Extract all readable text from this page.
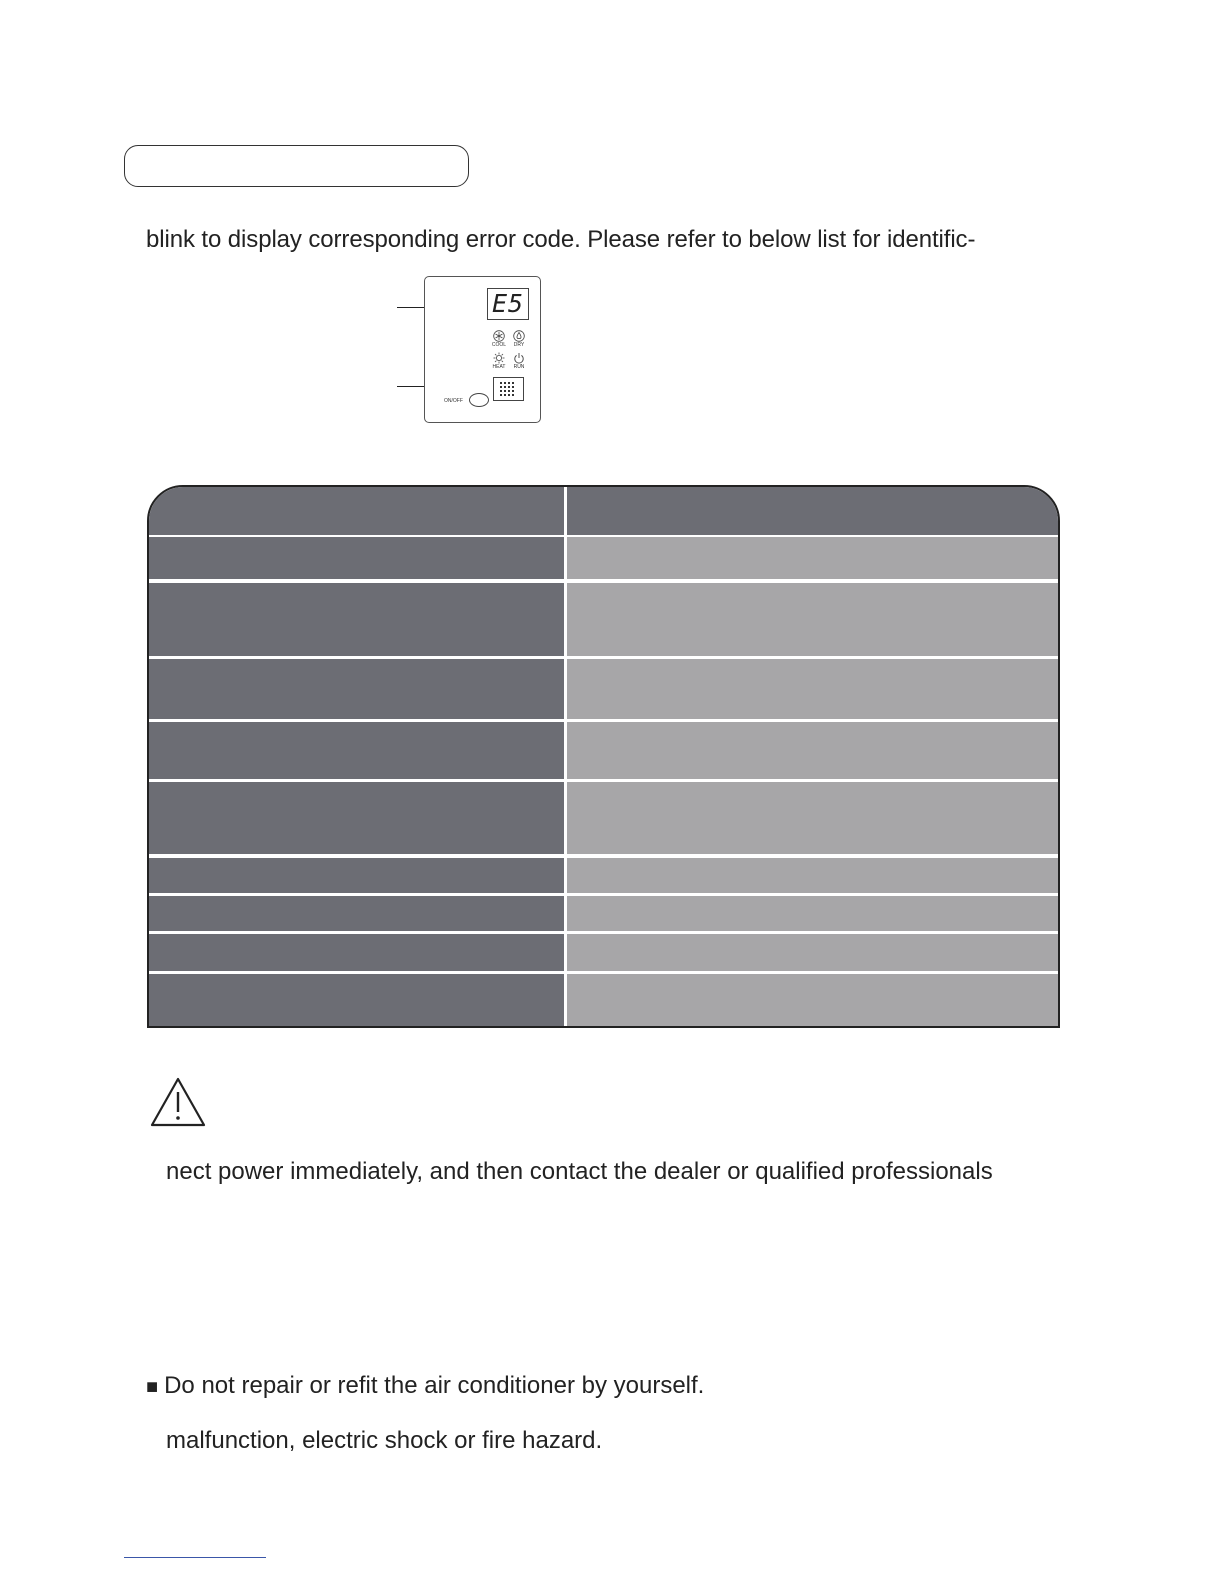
blink to display corresponding error code. Please refer to below list for identific-
E5
COOL	DRY
HEAT	RUN
ON/OFF
nect power immediately, and then contact the dealer or qualified professionals
■ Do not repair or refit the air conditioner by yourself.
malfunction, electric shock or fire hazard.
